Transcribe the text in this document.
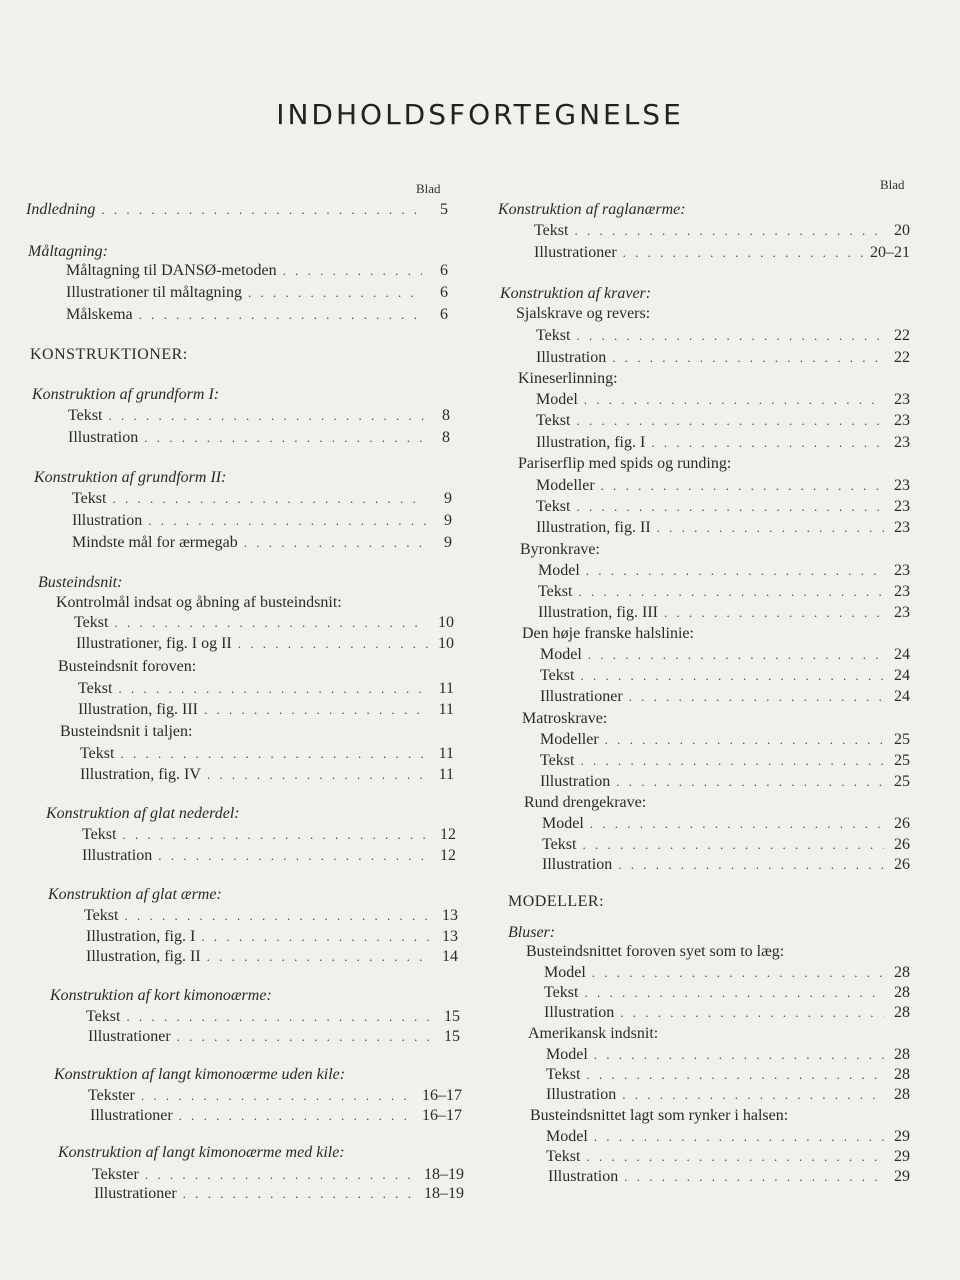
INDHOLDSFORTEGNELSE
Blad
Indledning . . .	5
Måltagning:
Måltagning til DANSØ-metoden . . .	6
Illustrationer til måltagning . . .	6
Målskema . . .	6
KONSTRUKTIONER:
Konstruktion af grundform I:
Tekst . . .	8
Illustration . . .	8
Konstruktion af grundform II:
Tekst . . .	9
Illustration . . .	9
Mindste mål for ærmegab . . .	9
Busteindsnit:
Kontrolmål indsat og åbning af busteindsnit:
Tekst . . .	10
Illustrationer, fig. I og II . . .	10
Busteindsnit foroven:
Tekst . . .	11
Illustration, fig. III . . .	11
Busteindsnit i taljen:
Tekst . . .	11
Illustration, fig. IV . . .	11
Konstruktion af glat nederdel:
Tekst . . .	12
Illustration . . .	12
Konstruktion af glat ærme:
Tekst . . .	13
Illustration, fig. I . . .	13
Illustration, fig. II . . .	14
Konstruktion af kort kimonoærme:
Tekst . . .	15
Illustrationer . . .	15
Konstruktion af langt kimonoærme uden kile:
Tekster . . .	16–17
Illustrationer . . .	16–17
Konstruktion af langt kimonoærme med kile:
Tekster . . .	18–19
Illustrationer . . .	18–19
Blad
Konstruktion af raglanærme:
Tekst . . .	20
Illustrationer . . .	20–21
Konstruktion af kraver:
Sjalskrave og revers:
Tekst . . .	22
Illustration . . .	22
Kineserlinning:
Model . . .	23
Tekst . . .	23
Illustration, fig. I . . .	23
Pariserflip med spids og runding:
Modeller . . .	23
Tekst . . .	23
Illustration, fig. II . . .	23
Byronkrave:
Model . . .	23
Tekst . . .	23
Illustration, fig. III . . .	23
Den høje franske halslinie:
Model . . .	24
Tekst . . .	24
Illustrationer . . .	24
Matroskrave:
Modeller . . .	25
Tekst . . .	25
Illustration . . .	25
Rund drengekrave:
Model . . .	26
Tekst . . .	26
Illustration . . .	26
MODELLER:
Bluser:
Busteindsnittet foroven syet som to læg:
Model . . .	28
Tekst . . .	28
Illustration . . .	28
Amerikansk indsnit:
Model . . .	28
Tekst . . .	28
Illustration . . .	28
Busteindsnittet lagt som rynker i halsen:
Model . . .	29
Tekst . . .	29
Illustration . . .	29
